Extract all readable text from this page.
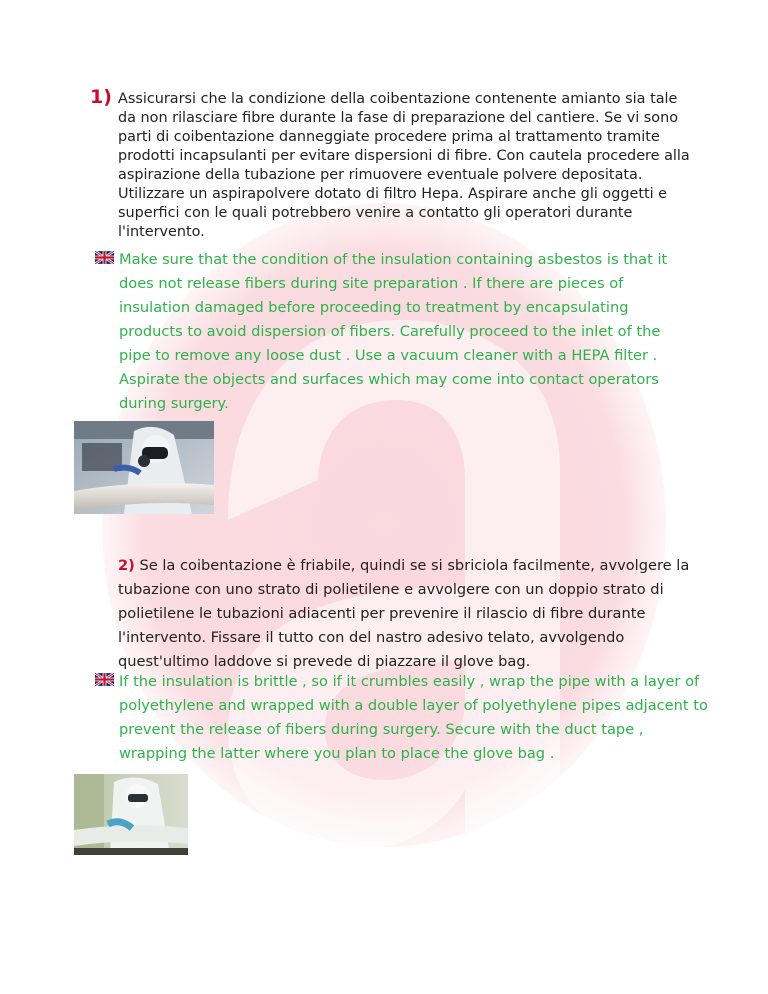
1) Assicurarsi che la condizione della coibentazione contenente amianto sia tale da non rilasciare fibre durante la fase di preparazione del cantiere. Se vi sono parti di coibentazione danneggiate procedere prima al trattamento tramite prodotti incapsulanti per evitare dispersioni di fibre. Con cautela procedere alla aspirazione della tubazione per rimuovere eventuale polvere depositata. Utilizzare un aspirapolvere dotato di filtro Hepa. Aspirare anche gli oggetti e superfici con le quali potrebbero venire a contatto gli operatori durante l'intervento.
Make sure that the condition of the insulation containing asbestos is that it does not release fibers during site preparation . If there are pieces of insulation damaged before proceeding to treatment by encapsulating products to avoid dispersion of fibers. Carefully proceed to the inlet of the pipe to remove any loose dust . Use a vacuum cleaner with a HEPA filter . Aspirate the objects and surfaces which may come into contact operators during surgery.
2) Se la coibentazione è friabile, quindi se si sbriciola facilmente, avvolgere la tubazione con uno strato di polietilene e avvolgere con un doppio strato di polietilene le tubazioni adiacenti per prevenire il rilascio di fibre durante l'intervento. Fissare il tutto con del nastro adesivo telato, avvolgendo quest'ultimo laddove si prevede di piazzare il glove bag.
If the insulation is brittle , so if it crumbles easily , wrap the pipe with a layer of polyethylene and wrapped with a double layer of polyethylene pipes adjacent to prevent the release of fibers during surgery. Secure with the duct tape , wrapping the latter where you plan to place the glove bag .
